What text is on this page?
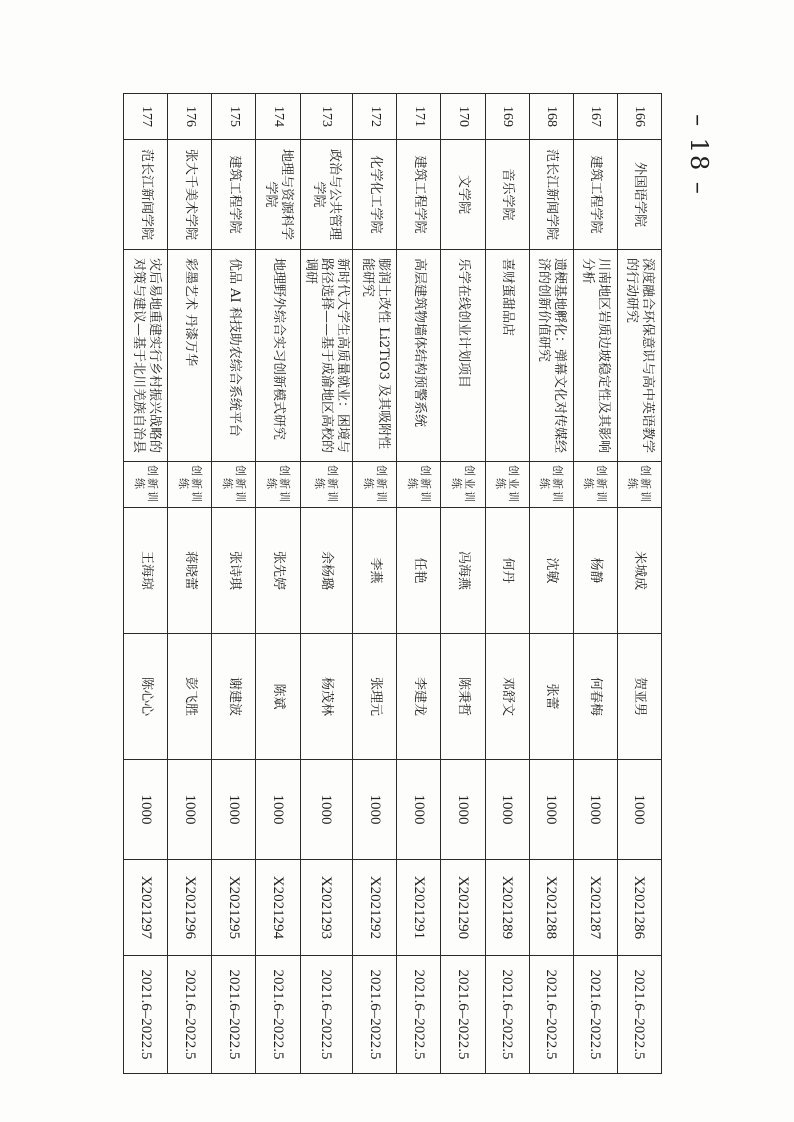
– 18 –
166	外国语学院	深度融合环保意识与高中英语教学的行动研究	创新训练	米城成	贺亚男	1000	X2021286	2021.6–2022.5
167	建筑工程学院	川南地区岩质边坡稳定性及其影响分析	创新训练	杨静	何春梅	1000	X2021287	2021.6–2022.5
168	范长江新闻学院	遗梗基地孵化：弹幕文化对传媒经济的创新价值研究	创新训练	沈敏	张蕾	1000	X2021288	2021.6–2022.5
169	音乐学院	喜财蛋甜品店	创业训练	何丹	邓舒文	1000	X2021289	2021.6–2022.5
170	文学院	乐学在线创业计划项目	创业训练	冯海燕	陈秉哲	1000	X2021290	2021.6–2022.5
171	建筑工程学院	高层建筑物墙体结构预警系统	创新训练	任艳	李建龙	1000	X2021291	2021.6–2022.5
172	化学化工学院	膨润土改性 Li2TiO3 及其吸附性能研究	创新训练	李燕	张理元	1000	X2021292	2021.6–2022.5
173	政治与公共管理学院	新时代大学生高质量就业：困境与路径选择——基于成渝地区高校的调研	创新训练	余杨璐	杨茂林	1000	X2021293	2021.6–2022.5
174	地理与资源科学学院	地理野外综合实习创新模式研究	创新训练	张先婷	陈斌	1000	X2021294	2021.6–2022.5
175	建筑工程学院	优品 AI 科技助农综合系统平台	创新训练	张诗琪	谢建波	1000	X2021295	2021.6–2022.5
176	张大千美术学院	彩墨艺术 丹漆万华	创新训练	蒋晓蕾	彭飞胜	1000	X2021296	2021.6–2022.5
177	范长江新闻学院	灾后易地重建实行乡村振兴战略的对策与建议—基于北川羌族自治县	创新训练	王海琼	陈心心	1000	X2021297	2021.6–2022.5
